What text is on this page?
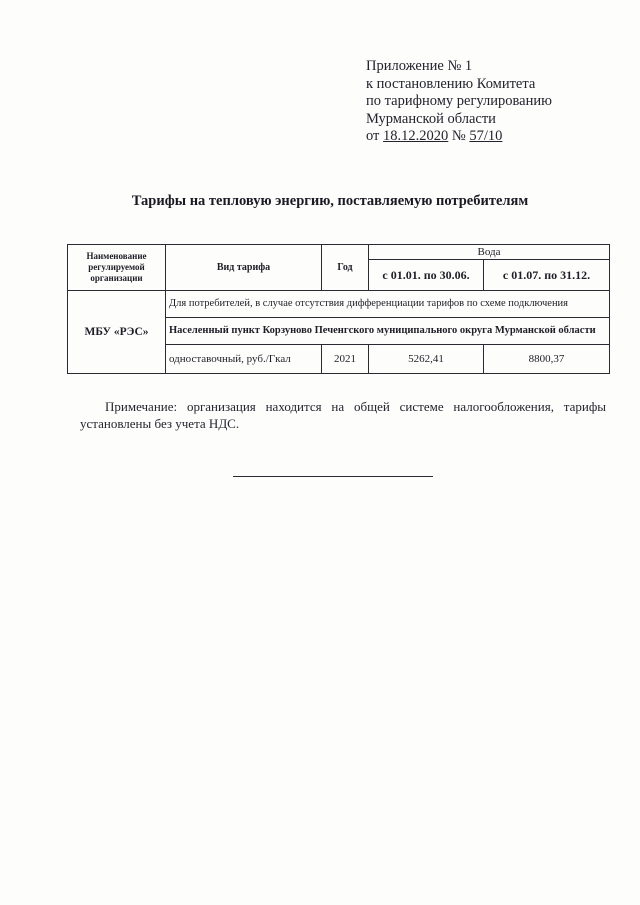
Приложение № 1
к постановлению Комитета
по тарифному регулированию
Мурманской области
от 18.12.2020 № 57/10
Тарифы на тепловую энергию, поставляемую потребителям
Наименование регулируемой организации	Вид тарифа	Год	Вода	
			с 01.01. по 30.06.	с 01.07. по 31.12.
МБУ «РЭС»	Для потребителей, в случае отсутствия дифференциации тарифов по схеме подключения			
	Населенный пункт Корзуново Печенгского муниципального округа Мурманской области			
	одноставочный, руб./Гкал	2021	5262,41	8800,37
Примечание: организация находится на общей системе налогообложения, тарифы установлены без учета НДС.
